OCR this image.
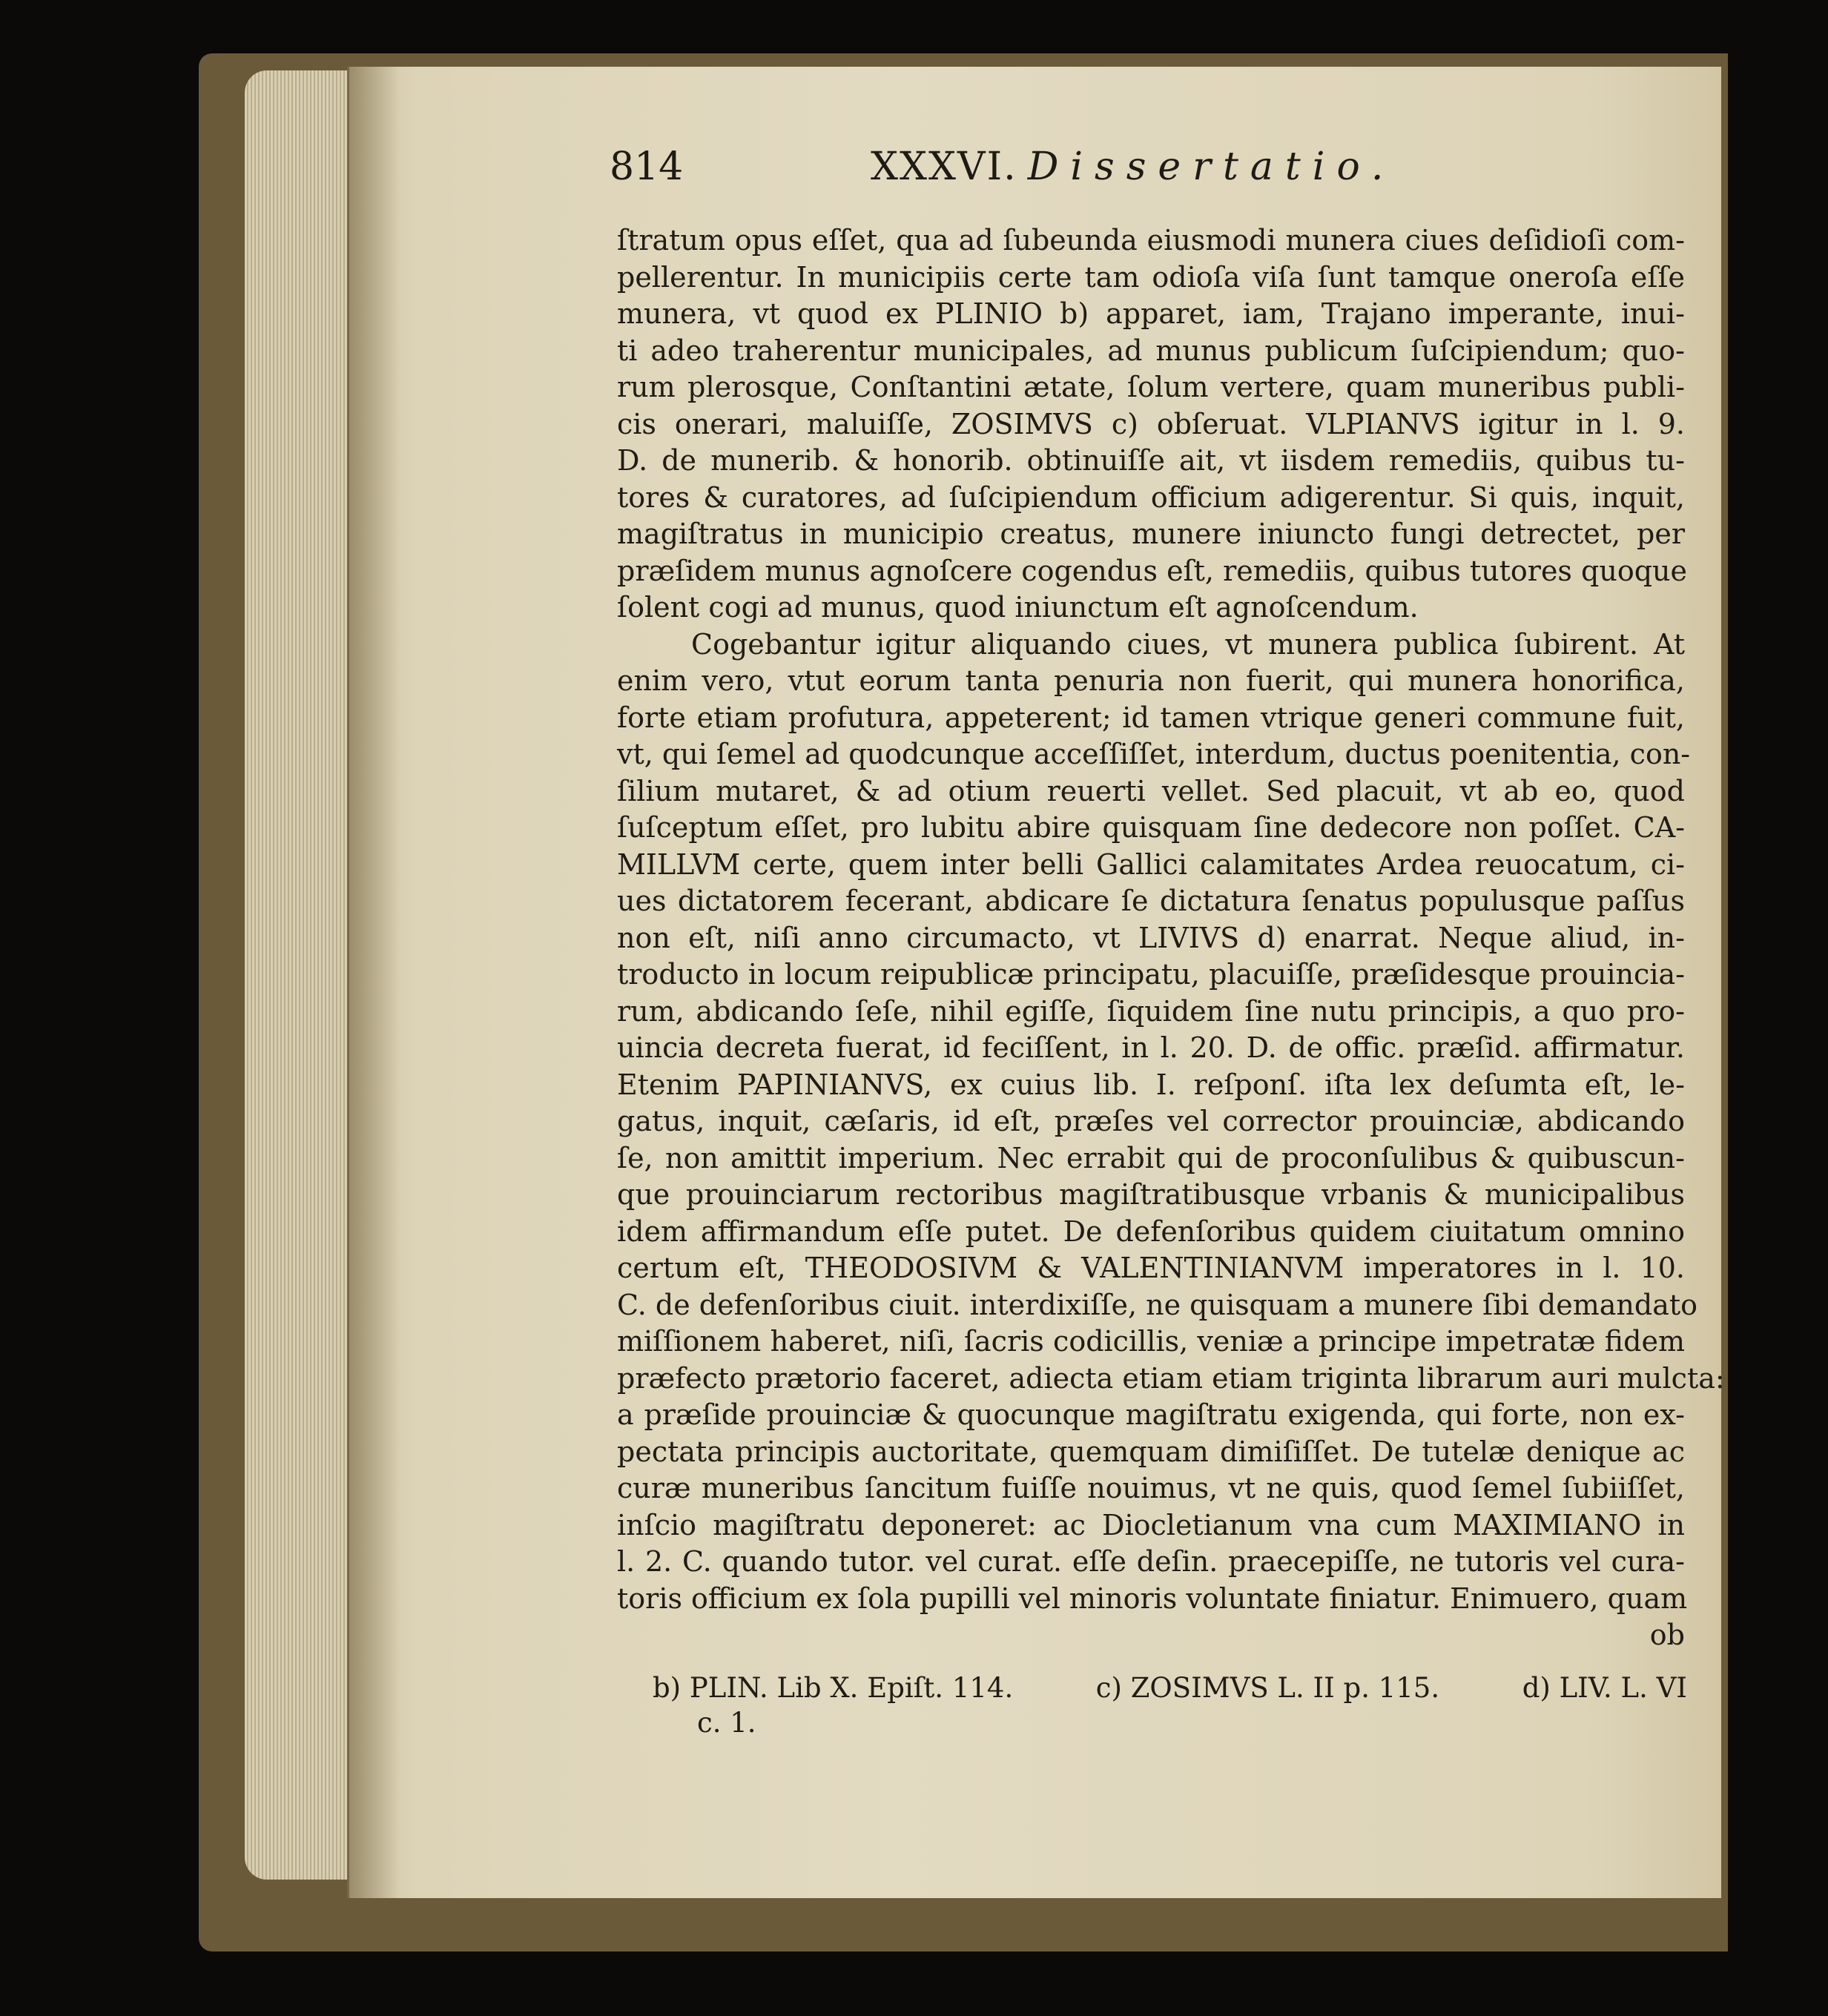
814	XXXVI. Dissertatio.
ſtratum opus eſſet, qua ad ſubeunda eiusmodi munera ciues deſidioſi com-
pellerentur. In municipiis certe tam odioſa viſa ſunt tamque oneroſa eſſe
munera, vt quod ex PLINIO b) apparet, iam, Trajano imperante, inui-
ti adeo traherentur municipales, ad munus publicum ſuſcipiendum; quo-
rum plerosque, Conſtantini ætate, ſolum vertere, quam muneribus publi-
cis onerari, maluiſſe, ZOSIMVS c) obſeruat. VLPIANVS igitur in l. 9.
D. de munerib. & honorib. obtinuiſſe ait, vt iisdem remediis, quibus tu-
tores & curatores, ad ſuſcipiendum officium adigerentur. Si quis, inquit,
magiſtratus in municipio creatus, munere iniuncto fungi detrectet, per
præſidem munus agnoſcere cogendus eſt, remediis, quibus tutores quoque
ſolent cogi ad munus, quod iniunctum eſt agnoſcendum.
Cogebantur igitur aliquando ciues, vt munera publica ſubirent. At
enim vero, vtut eorum tanta penuria non fuerit, qui munera honorifica,
forte etiam profutura, appeterent; id tamen vtrique generi commune fuit,
vt, qui ſemel ad quodcunque acceſſiſſet, interdum, ductus poenitentia, con-
ſilium mutaret, & ad otium reuerti vellet. Sed placuit, vt ab eo, quod
ſuſceptum eſſet, pro lubitu abire quisquam ſine dedecore non poſſet. CA-
MILLVM certe, quem inter belli Gallici calamitates Ardea reuocatum, ci-
ues dictatorem fecerant, abdicare ſe dictatura ſenatus populusque paſſus
non eſt, niſi anno circumacto, vt LIVIVS d) enarrat. Neque aliud, in-
troducto in locum reipublicæ principatu, placuiſſe, præſidesque prouincia-
rum, abdicando ſeſe, nihil egiſſe, ſiquidem ſine nutu principis, a quo pro-
uincia decreta fuerat, id feciſſent, in l. 20. D. de offic. præſid. affirmatur.
Etenim PAPINIANVS, ex cuius lib. I. reſponſ. iſta lex deſumta eſt, le-
gatus, inquit, cæſaris, id eſt, præſes vel corrector prouinciæ, abdicando
ſe, non amittit imperium. Nec errabit qui de proconſulibus & quibuscun-
que prouinciarum rectoribus magiſtratibusque vrbanis & municipalibus
idem affirmandum eſſe putet. De defenſoribus quidem ciuitatum omnino
certum eſt, THEODOSIVM & VALENTINIANVM imperatores in l. 10.
C. de defenſoribus ciuit. interdixiſſe, ne quisquam a munere ſibi demandato
miſſionem haberet, niſi, ſacris codicillis, veniæ a principe impetratæ fidem
præfecto prætorio faceret, adiecta etiam etiam triginta librarum auri mulcta:
a præſide prouinciæ & quocunque magiſtratu exigenda, qui forte, non ex-
pectata principis auctoritate, quemquam dimiſiſſet. De tutelæ denique ac
curæ muneribus ſancitum fuiſſe nouimus, vt ne quis, quod ſemel ſubiiſſet,
inſcio magiſtratu deponeret: ac Diocletianum vna cum MAXIMIANO in
l. 2. C. quando tutor. vel curat. eſſe deſin. praecepiſſe, ne tutoris vel cura-
toris officium ex ſola pupilli vel minoris voluntate finiatur. Enimuero, quam
ob
b) PLIN. Lib X. Epiſt. 114.	c) ZOSIMVS L. II p. 115.	d) LIV. L. VI
c. 1.
